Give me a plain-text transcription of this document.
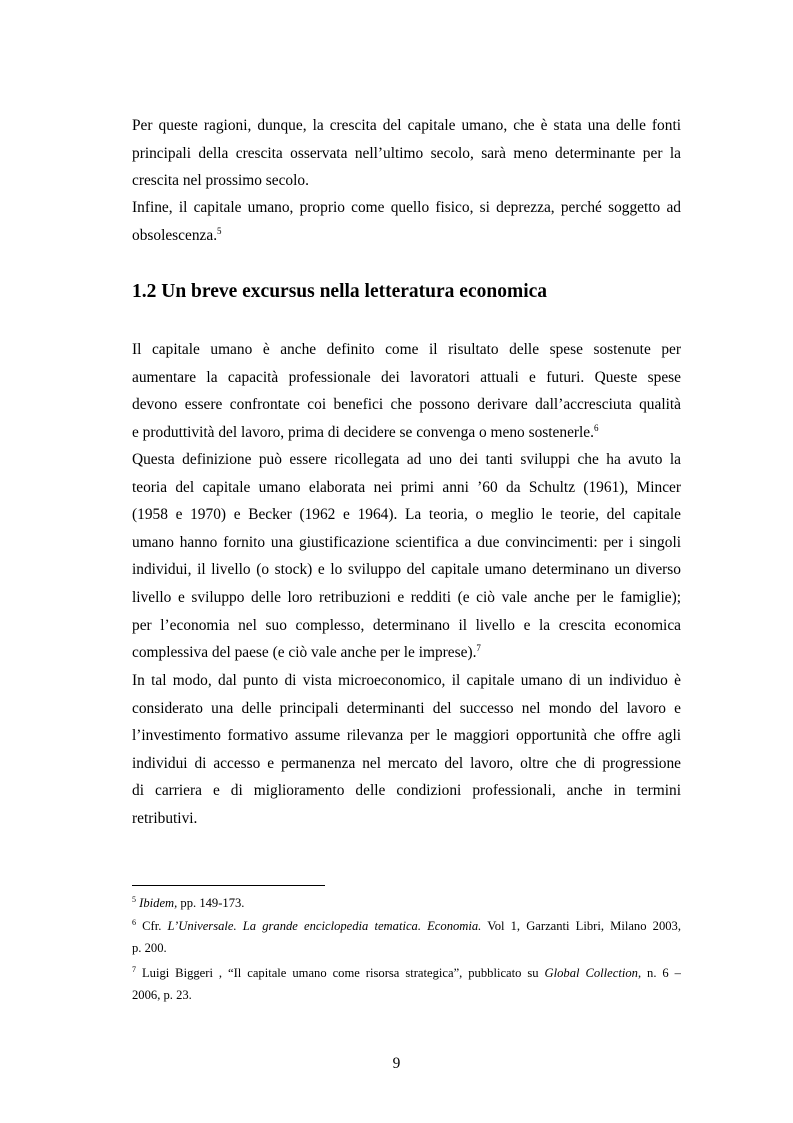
Per queste ragioni, dunque, la crescita del capitale umano, che è stata una delle fonti
principali della crescita osservata nell’ultimo secolo, sarà meno determinante per la
crescita nel prossimo secolo.

Infine, il capitale umano, proprio come quello fisico, si deprezza, perché soggetto ad
obsolescenza.$^5$

1.2 Un breve excursus nella letteratura economica

Il capitale umano è anche definito come il risultato delle spese sostenute per
aumentare la capacità professionale dei lavoratori attuali e futuri. Queste spese
devono essere confrontate coi benefici che possono derivare dall’accresciuta qualità
e produttività del lavoro, prima di decidere se convenga o meno sostenerle.$^6$

Questa definizione può essere ricollegata ad uno dei tanti sviluppi che ha avuto la
teoria del capitale umano elaborata nei primi anni ’60 da Schultz (1961), Mincer
(1958 e 1970) e Becker (1962 e 1964). La teoria, o meglio le teorie, del capitale
umano hanno fornito una giustificazione scientifica a due convincimenti: per i singoli
individui, il livello (o stock) e lo sviluppo del capitale umano determinano un diverso
livello e sviluppo delle loro retribuzioni e redditi (e ciò vale anche per le famiglie);
per l’economia nel suo complesso, determinano il livello e la crescita economica
complessiva del paese (e ciò vale anche per le imprese).$^7$

In tal modo, dal punto di vista microeconomico, il capitale umano di un individuo è
considerato una delle principali determinanti del successo nel mondo del lavoro e
l’investimento formativo assume rilevanza per le maggiori opportunità che offre agli
individui di accesso e permanenza nel mercato del lavoro, oltre che di progressione
di carriera e di miglioramento delle condizioni professionali, anche in termini
retributivi.

$^5$ Ibidem, pp. 149-173.

$^6$ Cfr. L’Universale. La grande enciclopedia tematica. Economia. Vol 1, Garzanti Libri, Milano 2003,
p. 200.

$^7$ Luigi Biggeri , “Il capitale umano come risorsa strategica”, pubblicato su Global Collection, n. 6 –
2006, p. 23.

9
